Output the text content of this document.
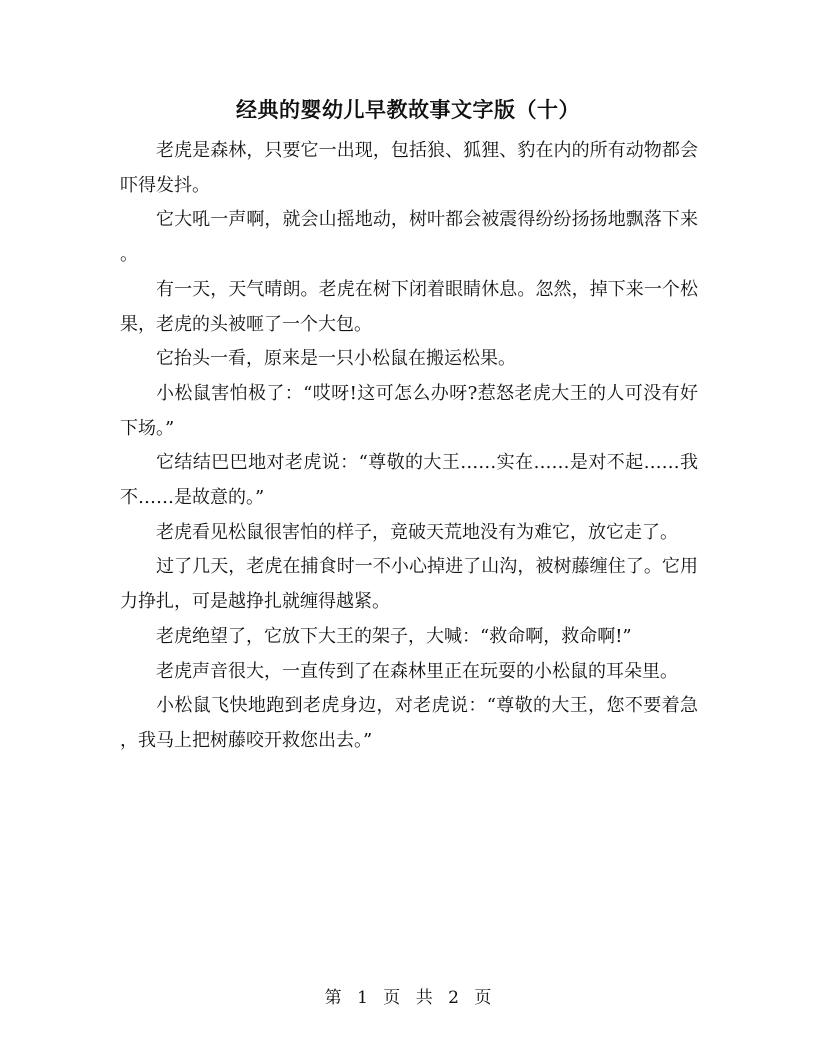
经典的婴幼儿早教故事文字版（十）

老虎是森林，只要它一出现，包括狼、狐狸、豹在内的所有动物都会吓得发抖。

它大吼一声啊，就会山摇地动，树叶都会被震得纷纷扬扬地飘落下来。

有一天，天气晴朗。老虎在树下闭着眼睛休息。忽然，掉下来一个松果，老虎的头被咂了一个大包。

它抬头一看，原来是一只小松鼠在搬运松果。

小松鼠害怕极了：“哎呀!这可怎么办呀?惹怒老虎大王的人可没有好下场。”

它结结巴巴地对老虎说：“尊敬的大王……实在……是对不起……我不……是故意的。”

老虎看见松鼠很害怕的样子，竟破天荒地没有为难它，放它走了。

过了几天，老虎在捕食时一不小心掉进了山沟，被树藤缠住了。它用力挣扎，可是越挣扎就缠得越紧。

老虎绝望了，它放下大王的架子，大喊：“救命啊，救命啊!”

老虎声音很大，一直传到了在森林里正在玩耍的小松鼠的耳朵里。

小松鼠飞快地跑到老虎身边，对老虎说：“尊敬的大王，您不要着急，我马上把树藤咬开救您出去。”

第 1 页 共 2 页
